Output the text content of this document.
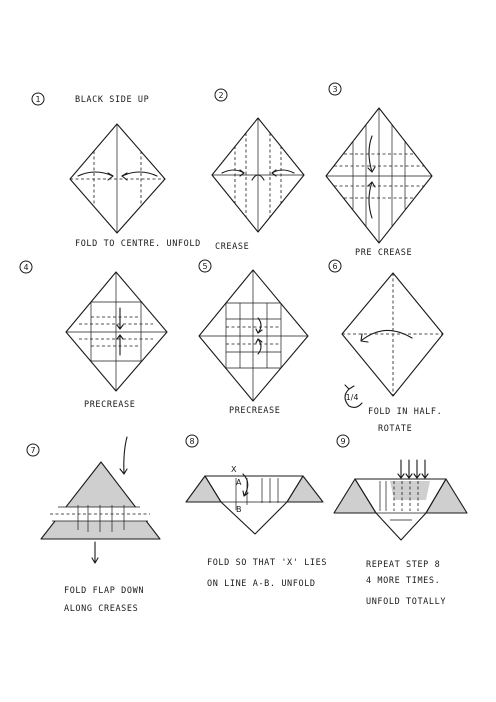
1	BLACK SIDE UP
FOLD TO CENTRE. UNFOLD
2
CREASE
3
PRE CREASE
4
PRECREASE
5
PRECREASE
6
1/4
FOLD IN HALF.
ROTATE
7
FOLD FLAP DOWN
ALONG CREASES
8
X
A
B
FOLD SO THAT 'X' LIES
ON LINE A-B. UNFOLD
9
REPEAT STEP 8
4 MORE TIMES.
UNFOLD TOTALLY
